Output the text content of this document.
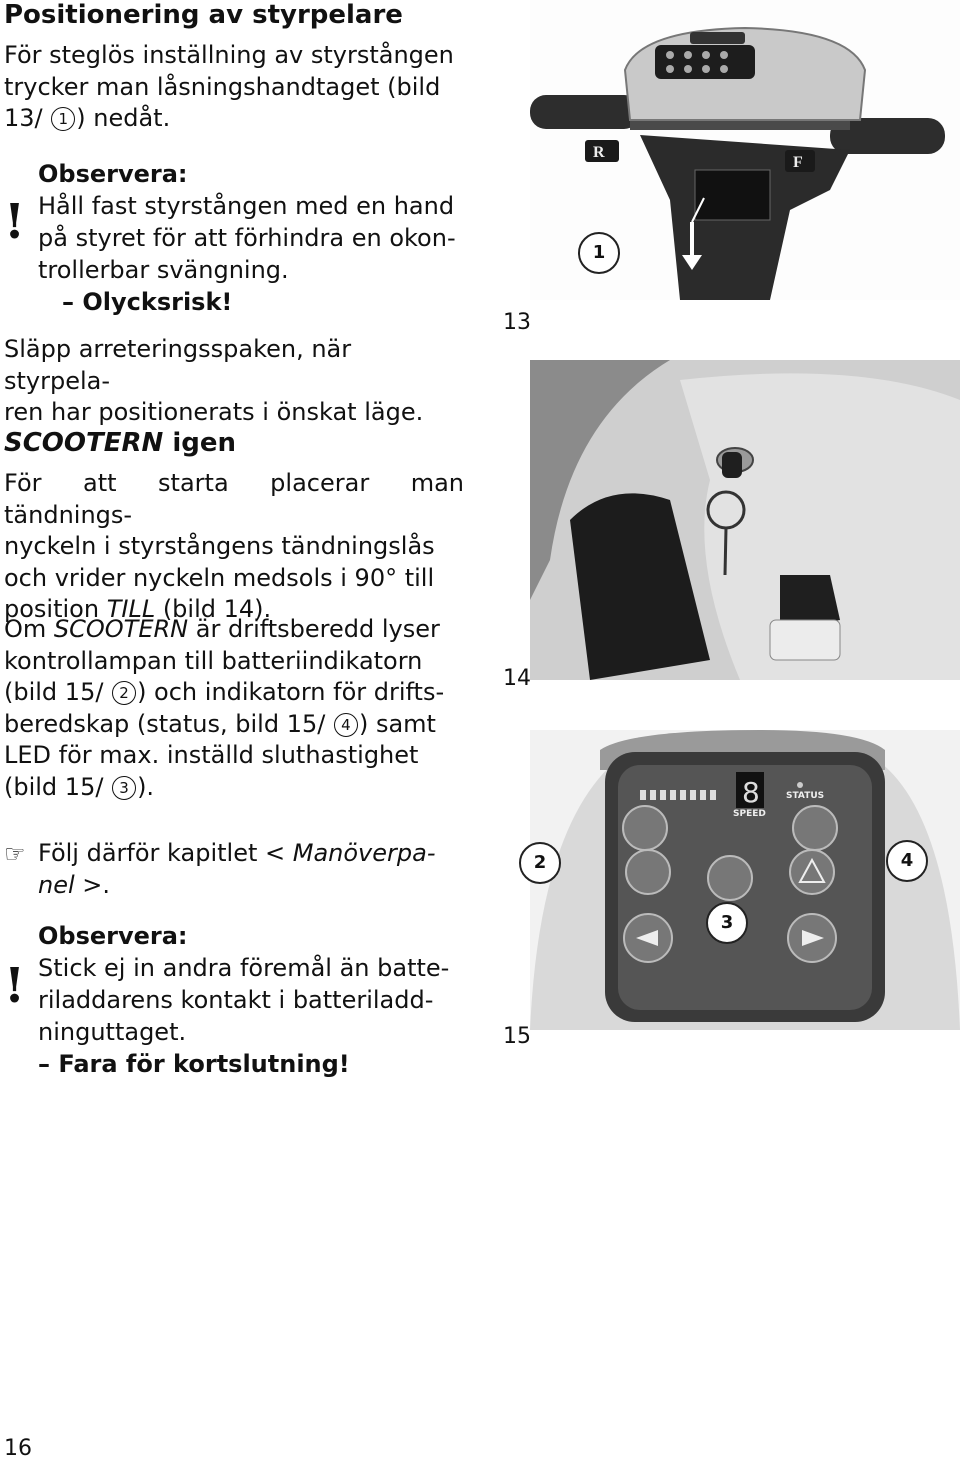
Positionering av styrpelare
För steglös inställning av styrstången
trycker man låsningshandtaget (bild
13/ 1 ) nedåt.
!
Observera:
Håll fast styrstången med en hand
på styret för att förhindra en okon-
trollerbar svängning.
– Olycksrisk!
Släpp arreteringsspaken, när styrpela-
ren har positionerats i önskat läge.
SCOOTERN igen
För att starta placerar man tändnings-
nyckeln i styrstångens tändningslås
och vrider nyckeln medsols i 90° till
position TILL (bild 14).
Om SCOOTERN är driftsberedd lyser
kontrollampan till batteriindikatorn
(bild 15/ 2 ) och indikatorn för drifts-
beredskap (status, bild 15/ 4 ) samt
LED för max. inställd sluthastighet
(bild 15/ 3 ).
☞ Följ därför kapitlet < Manöverpa-
nel >.
!
Observera:
Stick ej in andra föremål än batte-
riladdarens kontakt i batteriladd-
ninguttaget.
– Fara för kortslutning!
R
F
1
13
14
8
SPEED
STATUS
2	4
3
15
16
